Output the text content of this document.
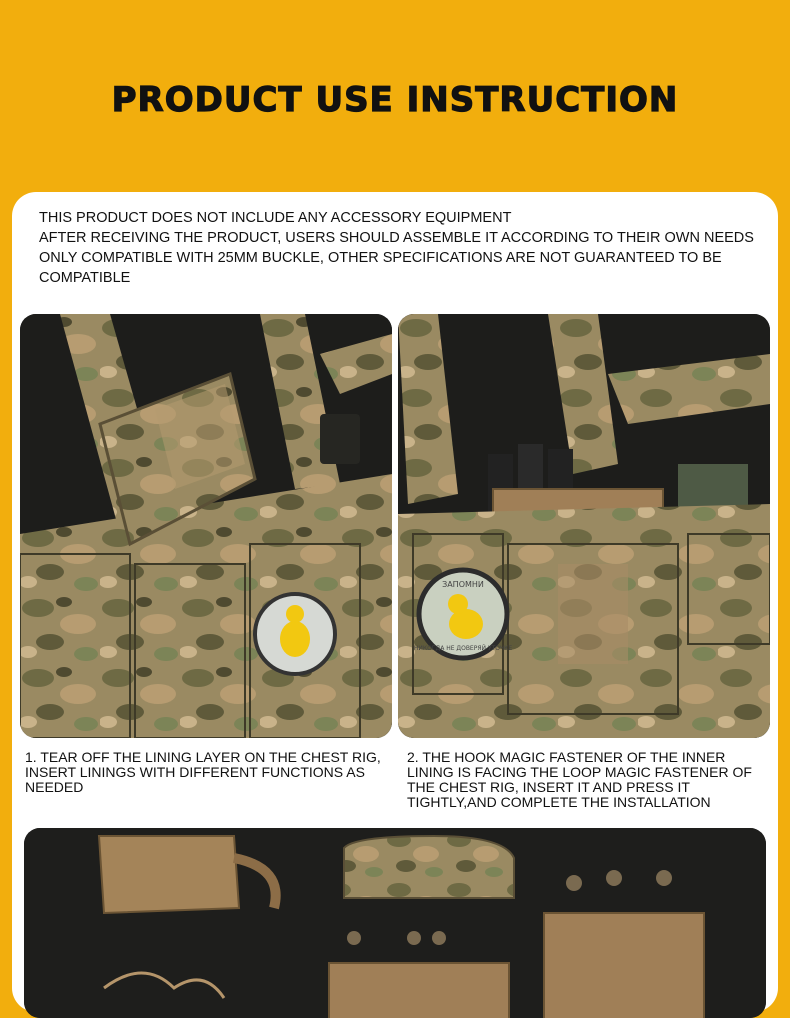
PRODUCT USE INSTRUCTION
THIS PRODUCT DOES NOT INCLUDE ANY ACCESSORY EQUIPMENT
AFTER RECEIVING THE PRODUCT, USERS SHOULD ASSEMBLE IT ACCORDING TO THEIR OWN NEEDS
ONLY COMPATIBLE WITH 25MM BUCKLE, OTHER SPECIFICATIONS ARE NOT GUARANTEED TO BE COMPATIBLE
ЗАПОМНИ
НИКОГДА НЕ ДОВЕРЯЙ УТОЧКЕ
1. TEAR OFF THE LINING LAYER ON THE CHEST RIG, INSERT LININGS WITH DIFFERENT FUNCTIONS AS NEEDED
2. THE HOOK MAGIC FASTENER OF THE INNER LINING IS FACING THE LOOP MAGIC FASTENER OF THE CHEST RIG, INSERT IT AND PRESS IT TIGHTLY,AND COMPLETE THE INSTALLATION
